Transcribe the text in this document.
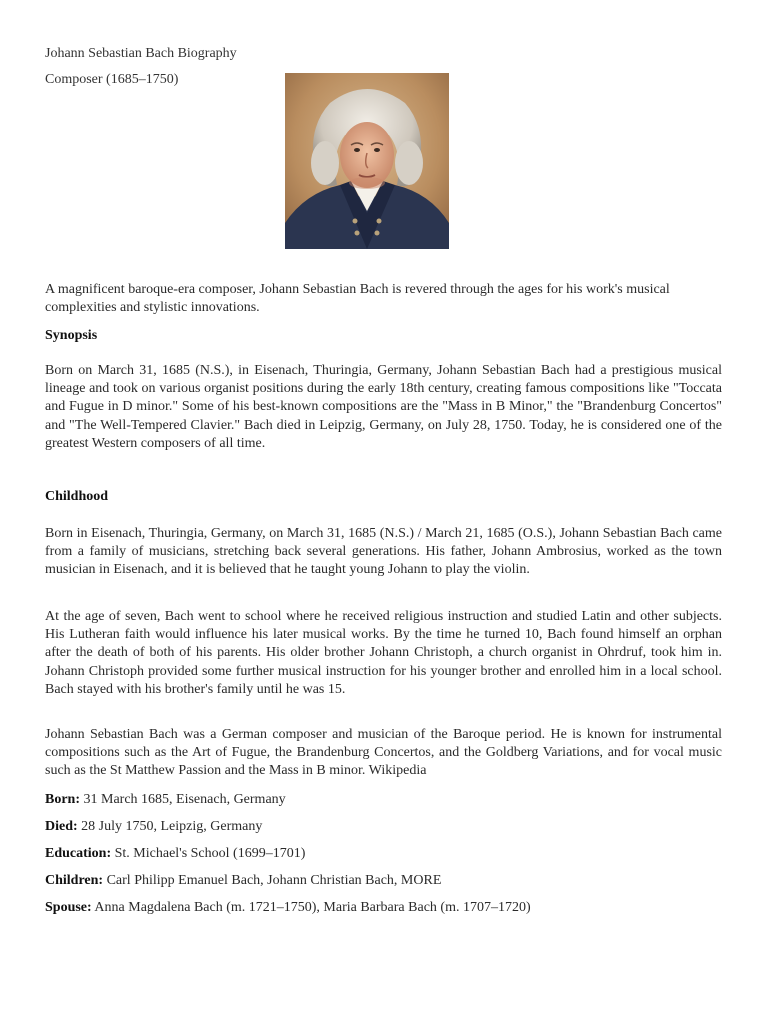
Johann Sebastian Bach Biography
Composer (1685–1750)
A magnificent baroque-era composer, Johann Sebastian Bach is revered through the ages for his work's musical complexities and stylistic innovations.
Synopsis
Born on March 31, 1685 (N.S.), in Eisenach, Thuringia, Germany, Johann Sebastian Bach had a prestigious musical lineage and took on various organist positions during the early 18th century, creating famous compositions like "Toccata and Fugue in D minor." Some of his best-known compositions are the "Mass in B Minor," the "Brandenburg Concertos" and "The Well-Tempered Clavier." Bach died in Leipzig, Germany, on July 28, 1750. Today, he is considered one of the greatest Western composers of all time.
Childhood
Born in Eisenach, Thuringia, Germany, on March 31, 1685 (N.S.) / March 21, 1685 (O.S.), Johann Sebastian Bach came from a family of musicians, stretching back several generations. His father, Johann Ambrosius, worked as the town musician in Eisenach, and it is believed that he taught young Johann to play the violin.
At the age of seven, Bach went to school where he received religious instruction and studied Latin and other subjects. His Lutheran faith would influence his later musical works. By the time he turned 10, Bach found himself an orphan after the death of both of his parents. His older brother Johann Christoph, a church organist in Ohrdruf, took him in. Johann Christoph provided some further musical instruction for his younger brother and enrolled him in a local school. Bach stayed with his brother's family until he was 15.
Johann Sebastian Bach was a German composer and musician of the Baroque period. He is known for instrumental compositions such as the Art of Fugue, the Brandenburg Concertos, and the Goldberg Variations, and for vocal music such as the St Matthew Passion and the Mass in B minor. Wikipedia
Born: 31 March 1685, Eisenach, Germany
Died: 28 July 1750, Leipzig, Germany
Education: St. Michael's School (1699–1701)
Children: Carl Philipp Emanuel Bach, Johann Christian Bach, MORE
Spouse: Anna Magdalena Bach (m. 1721–1750), Maria Barbara Bach (m. 1707–1720)
